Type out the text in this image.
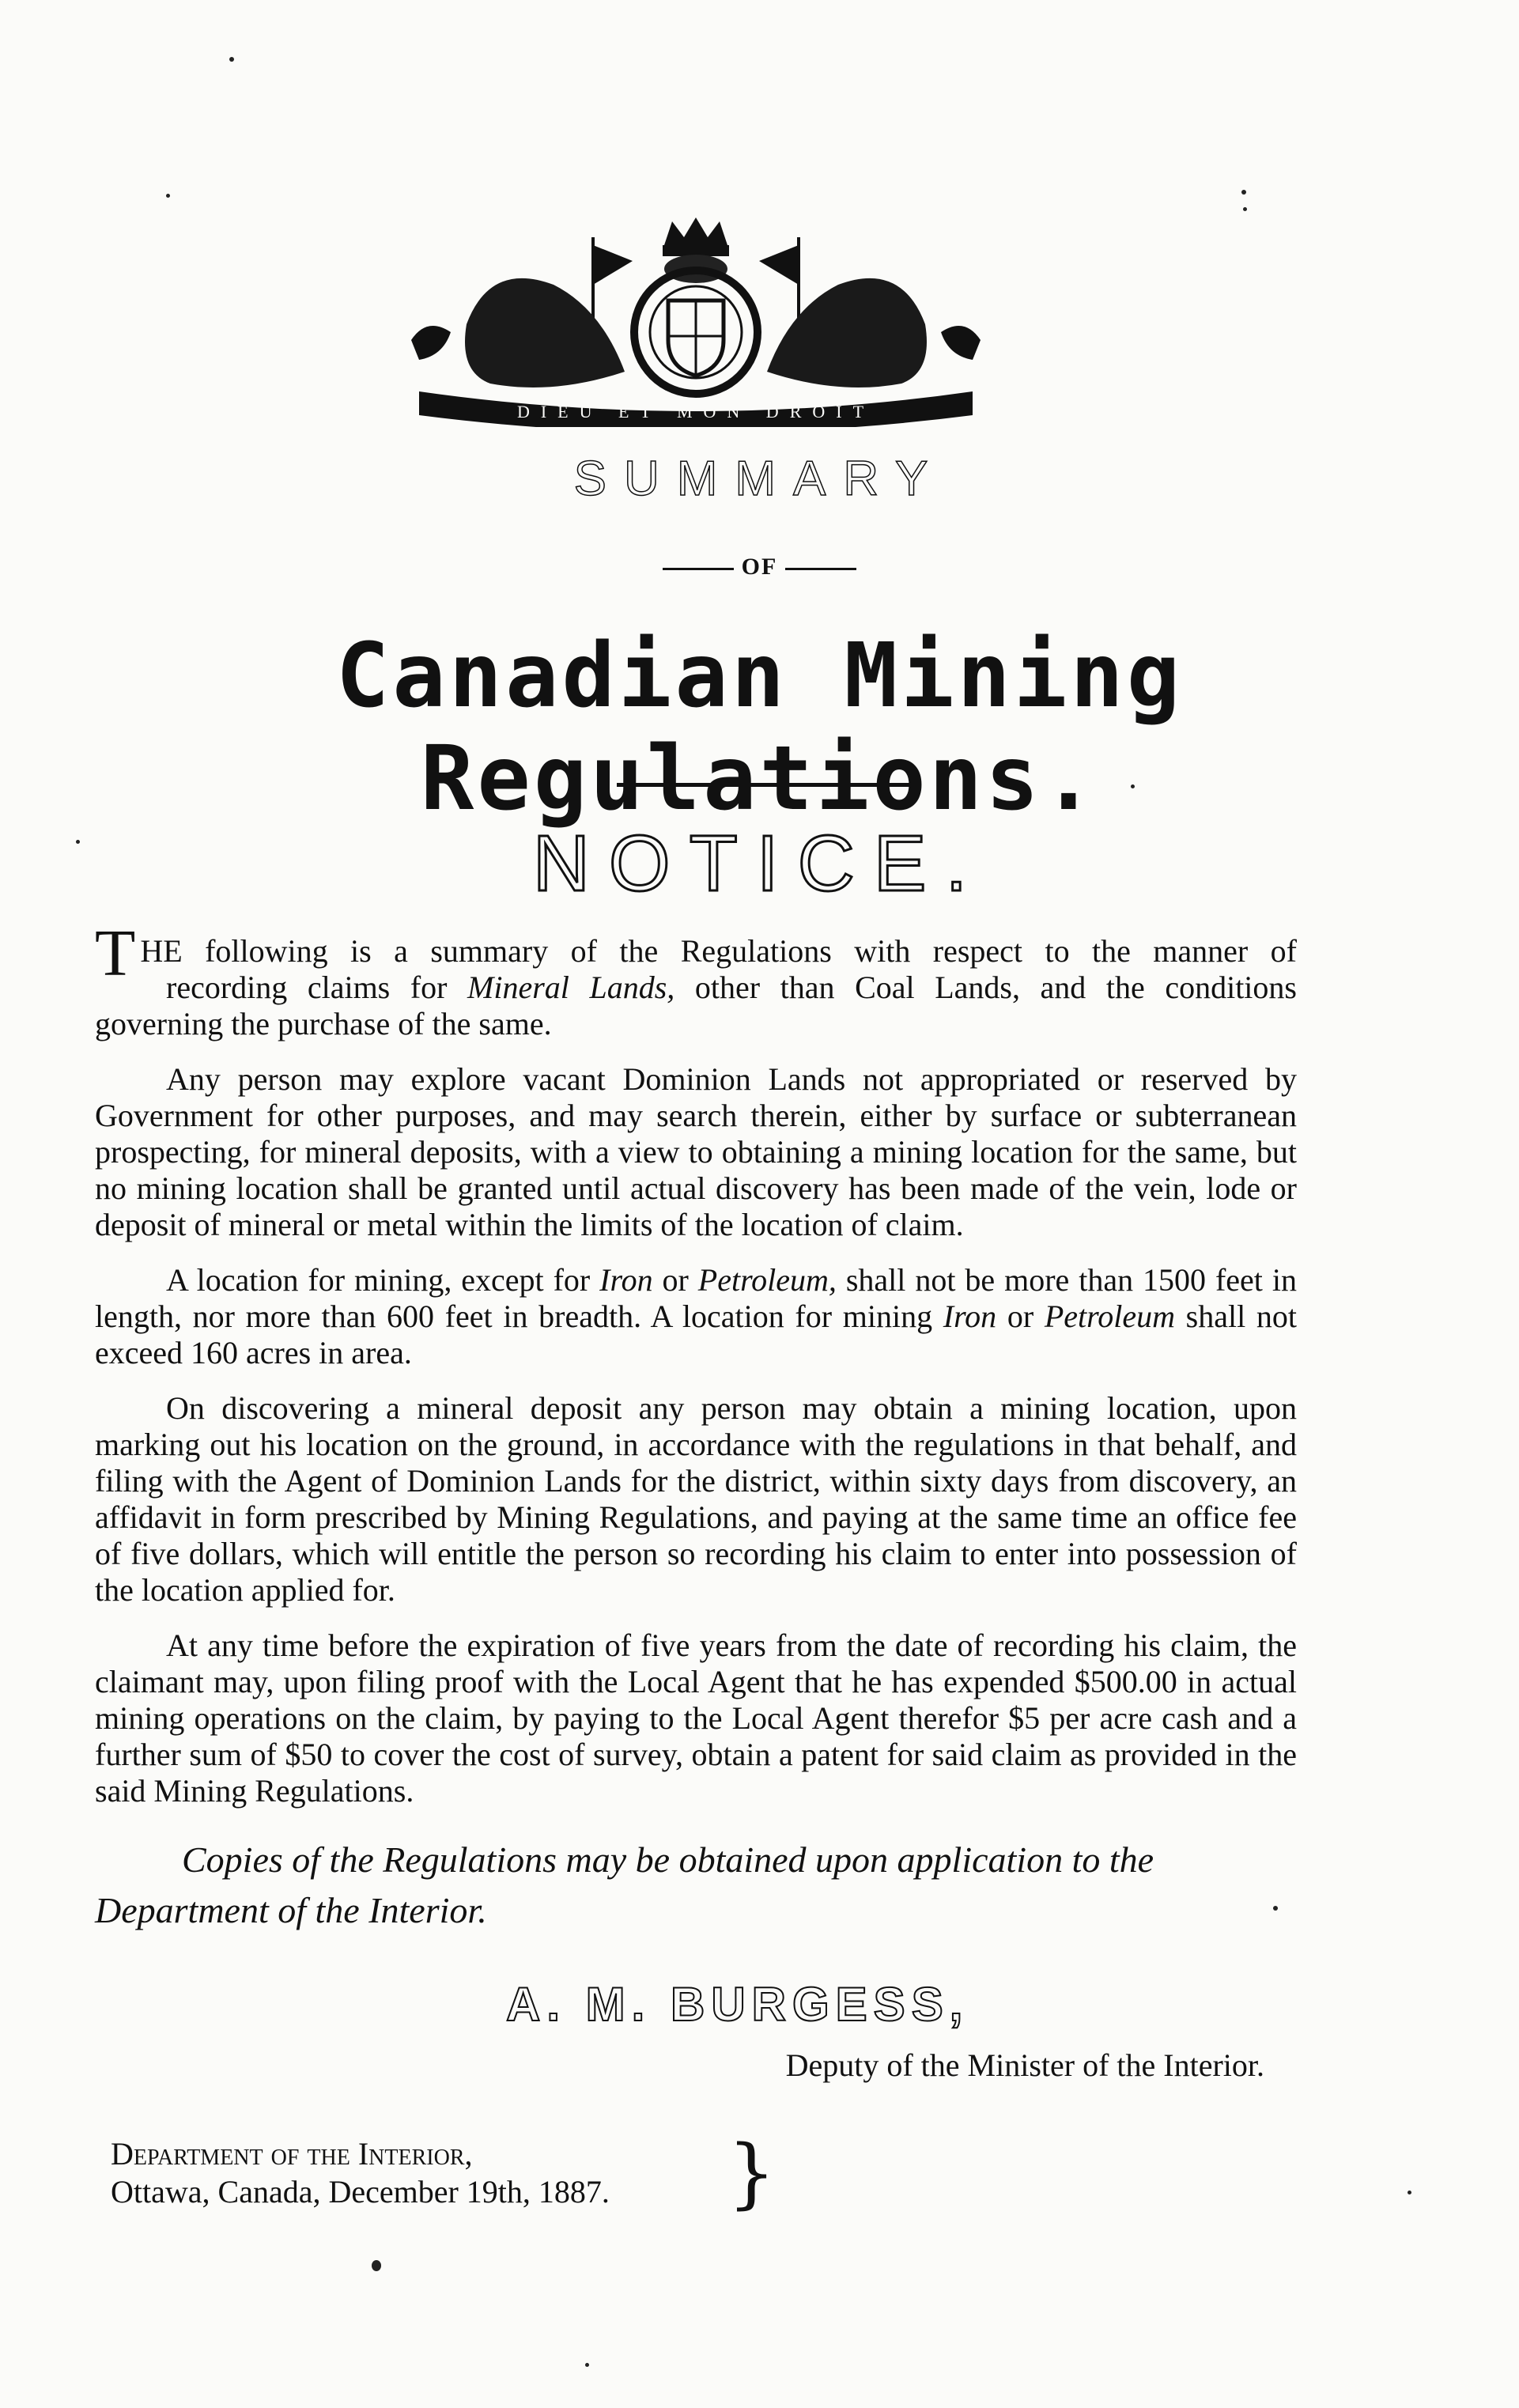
DIEU ET MON DROIT
SUMMARY
OF
Canadian Mining Regulations.
NOTICE.

THE following is a summary of the Regulations with respect to the manner of recording claims for Mineral Lands, other than Coal Lands, and the conditions governing the purchase of the same.

Any person may explore vacant Dominion Lands not appropriated or reserved by Government for other purposes, and may search therein, either by surface or subterranean prospecting, for mineral deposits, with a view to obtaining a mining location for the same, but no mining location shall be granted until actual discovery has been made of the vein, lode or deposit of mineral or metal within the limits of the location of claim.

A location for mining, except for Iron or Petroleum, shall not be more than 1500 feet in length, nor more than 600 feet in breadth. A location for mining Iron or Petroleum shall not exceed 160 acres in area.

On discovering a mineral deposit any person may obtain a mining location, upon marking out his location on the ground, in accordance with the regulations in that behalf, and filing with the Agent of Dominion Lands for the district, within sixty days from discovery, an affidavit in form prescribed by Mining Regulations, and paying at the same time an office fee of five dollars, which will entitle the person so recording his claim to enter into possession of the location applied for.

At any time before the expiration of five years from the date of recording his claim, the claimant may, upon filing proof with the Local Agent that he has expended $500.00 in actual mining operations on the claim, by paying to the Local Agent therefor $5 per acre cash and a further sum of $50 to cover the cost of survey, obtain a patent for said claim as provided in the said Mining Regulations.

Copies of the Regulations may be obtained upon application to the Department of the Interior.
A. M. BURGESS,
Deputy of the Minister of the Interior.
Department of the Interior,
Ottawa, Canada, December 19th, 1887. }
